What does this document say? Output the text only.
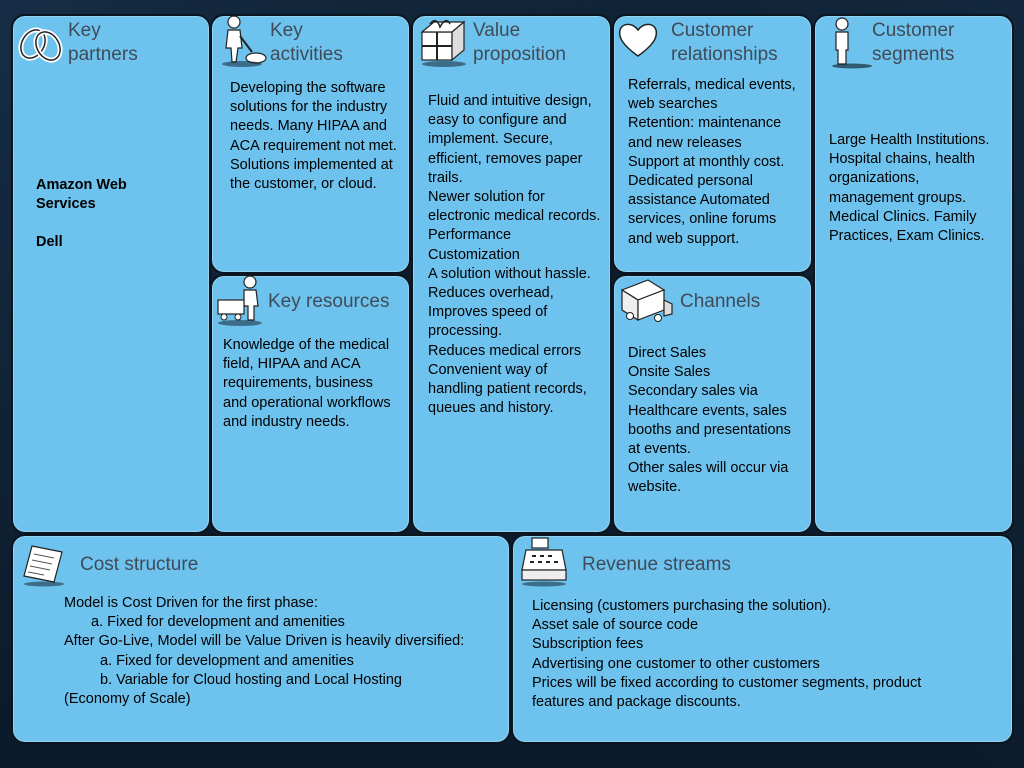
Key
partners
Amazon Web Services
Dell
Key
activities
Developing the software solutions for the industry needs. Many HIPAA and ACA requirement not met. Solutions implemented at the customer, or cloud.
Key resources
Knowledge of the medical field, HIPAA and ACA requirements, business and operational workflows and industry needs.
Value
proposition
Fluid and intuitive design, easy to configure and implement. Secure, efficient, removes paper trails.
Newer solution for electronic medical records.
Performance
Customization
A solution without hassle.
Reduces overhead, Improves speed of processing.
Reduces medical errors
Convenient way of handling patient records, queues and history.
Customer
relationships
Referrals, medical events, web searches
Retention: maintenance and new releases
Support at monthly cost.
Dedicated personal assistance Automated services, online forums and web support.
Channels
Direct Sales
Onsite Sales
Secondary sales via Healthcare events, sales booths and presentations at events.
Other sales will occur via website.
Customer
segments
Large Health Institutions.
Hospital chains, health organizations, management groups.
Medical Clinics. Family Practices, Exam Clinics.
Cost structure
Model is Cost Driven for the first phase:
a. Fixed for development and amenities
After Go-Live, Model will be Value Driven is heavily diversified:
a. Fixed for development and amenities
b. Variable for Cloud hosting and Local Hosting
(Economy of Scale)
Revenue streams
Licensing (customers purchasing the solution).
Asset sale of source code
Subscription fees
Advertising one customer to other customers
Prices will be fixed according to customer segments, product features and package discounts.
